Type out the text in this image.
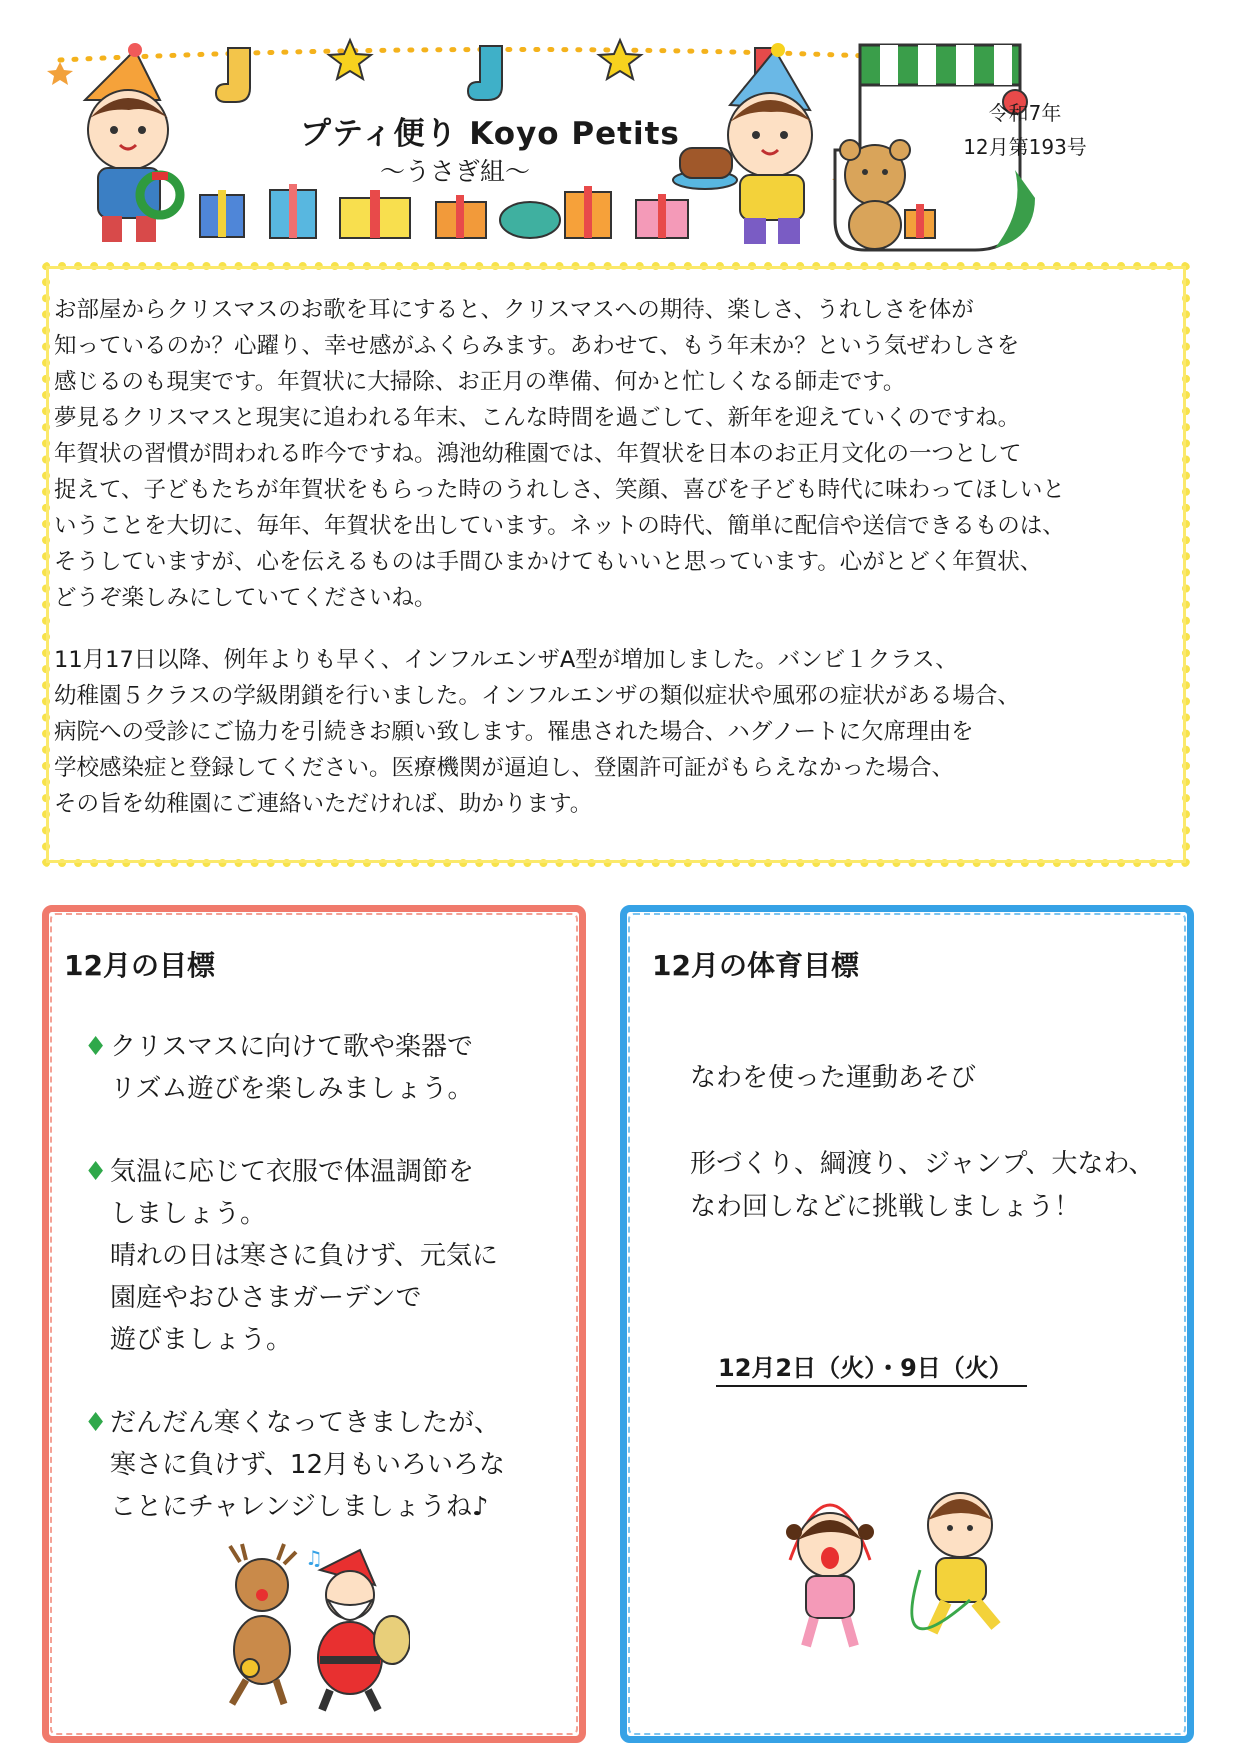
プティ便り Koyo Petits
〜うさぎ組〜
令和7年
12月第193号
お部屋からクリスマスのお歌を耳にすると、クリスマスへの期待、楽しさ、うれしさを体が
知っているのか？心躍り、幸せ感がふくらみます。あわせて、もう年末か？という気ぜわしさを
感じるのも現実です。年賀状に大掃除、お正月の準備、何かと忙しくなる師走です。
夢見るクリスマスと現実に追われる年末、こんな時間を過ごして、新年を迎えていくのですね。
年賀状の習慣が問われる昨今ですね。鴻池幼稚園では、年賀状を日本のお正月文化の一つとして
捉えて、子どもたちが年賀状をもらった時のうれしさ、笑顔、喜びを子ども時代に味わってほしいと
いうことを大切に、毎年、年賀状を出しています。ネットの時代、簡単に配信や送信できるものは、
そうしていますが、心を伝えるものは手間ひまかけてもいいと思っています。心がとどく年賀状、
どうぞ楽しみにしていてくださいね。
11月17日以降、例年よりも早く、インフルエンザA型が増加しました。バンビ１クラス、
幼稚園５クラスの学級閉鎖を行いました。インフルエンザの類似症状や風邪の症状がある場合、
病院への受診にご協力を引続きお願い致します。罹患された場合、ハグノートに欠席理由を
学校感染症と登録してください。医療機関が逼迫し、登園許可証がもらえなかった場合、
その旨を幼稚園にご連絡いただければ、助かります。
12月の目標
♦ クリスマスに向けて歌や楽器で
リズム遊びを楽しみましょう。
♦ 気温に応じて衣服で体温調節を
しましょう。
晴れの日は寒さに負けず、元気に
園庭やおひさまガーデンで
遊びましょう。
♦ だんだん寒くなってきましたが、
寒さに負けず、12月もいろいろな
ことにチャレンジしましょうね♪
♫
12月の体育目標
なわを使った運動あそび
形づくり、綱渡り、ジャンプ、大なわ、
なわ回しなどに挑戦しましょう！
12月2日（火）・9日（火）
